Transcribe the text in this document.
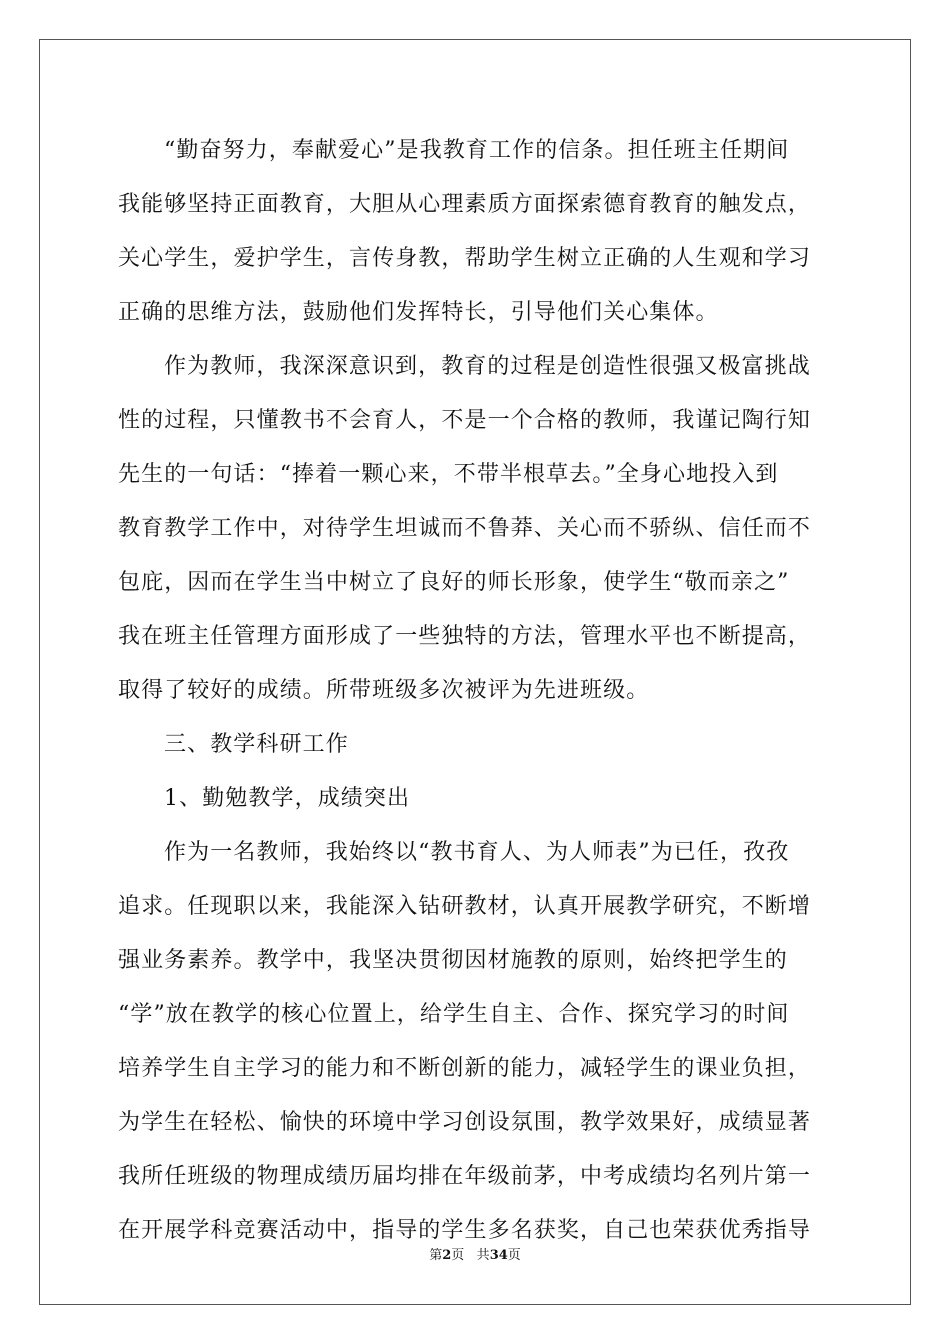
“勤奋努力，奉献爱心”是我教育工作的信条。担任班主任期间
我能够坚持正面教育，大胆从心理素质方面探索德育教育的触发点，
关心学生，爱护学生，言传身教，帮助学生树立正确的人生观和学习
正确的思维方法，鼓励他们发挥特长，引导他们关心集体。
作为教师，我深深意识到，教育的过程是创造性很强又极富挑战
性的过程，只懂教书不会育人，不是一个合格的教师，我谨记陶行知
先生的一句话：“捧着一颗心来，不带半根草去。”全身心地投入到
教育教学工作中，对待学生坦诚而不鲁莽、关心而不骄纵、信任而不
包庇，因而在学生当中树立了良好的师长形象，使学生“敬而亲之”
我在班主任管理方面形成了一些独特的方法，管理水平也不断提高，
取得了较好的成绩。所带班级多次被评为先进班级。
三、教学科研工作
1、勤勉教学，成绩突出
作为一名教师，我始终以“教书育人、为人师表”为已任，孜孜
追求。任现职以来，我能深入钻研教材，认真开展教学研究，不断增
强业务素养。教学中，我坚决贯彻因材施教的原则，始终把学生的
“学”放在教学的核心位置上，给学生自主、合作、探究学习的时间
培养学生自主学习的能力和不断创新的能力，减轻学生的课业负担，
为学生在轻松、愉快的环境中学习创设氛围，教学效果好，成绩显著
我所任班级的物理成绩历届均排在年级前茅，中考成绩均名列片第一
在开展学科竞赛活动中，指导的学生多名获奖，自己也荣获优秀指导
第2页 共34页
